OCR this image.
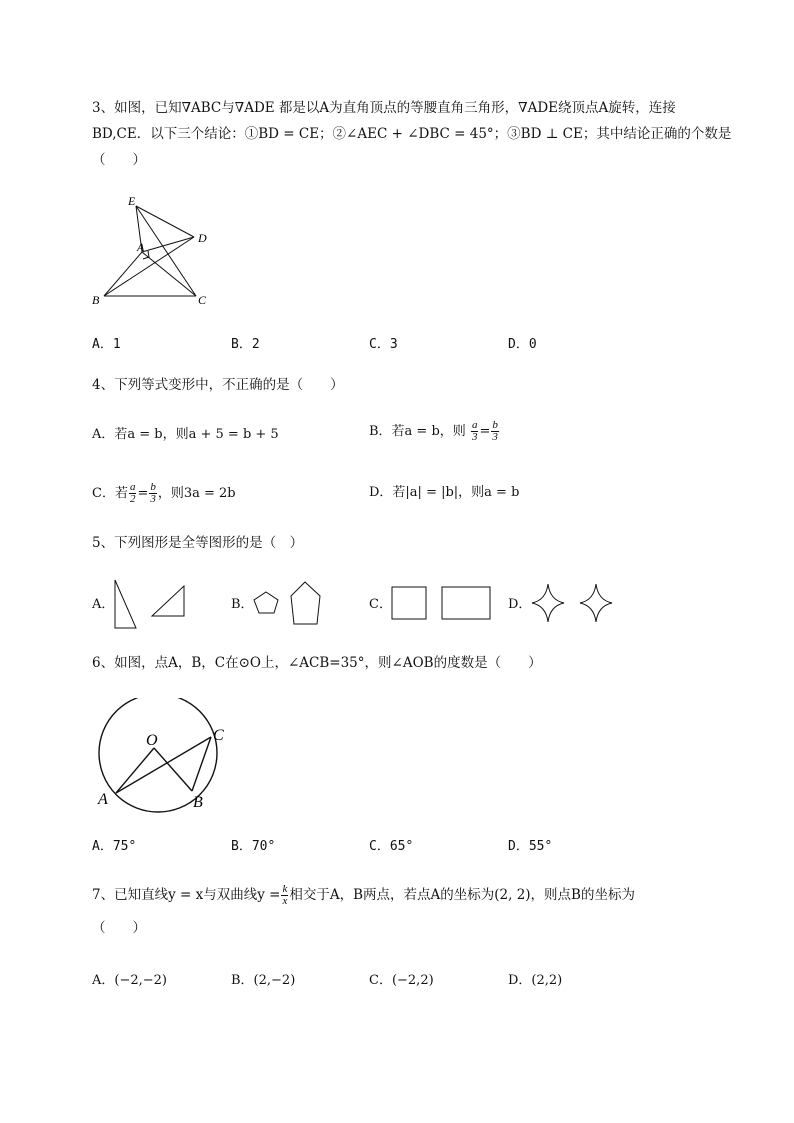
3、如图，已知∇ABC与∇ADE 都是以A为直角顶点的等腰直角三角形，∇ADE绕顶点A旋转，连接
BD,CE．以下三个结论：①BD = CE；②∠AEC + ∠DBC = 45°；③BD ⊥ CE；其中结论正确的个数是
（　　）
E
A
D
B	C
A．1	B．2	C．3	D．0
4、下列等式变形中，不正确的是（　　）
A．若a = b，则a + 5 = b + 5	B．若a = b，则 $\frac{a}{3} = \frac{b}{3}$
C．若 $\frac{a}{2} = \frac{b}{3}$ ，则3a = 2b	D．若|a| = |b|，则a = b
5、下列图形是全等图形的是（　）
A．	B．	C．	D．
6、如图，点A，B，C在⊙O上，∠ACB=35°，则∠AOB的度数是（　　）
O
A	B
C
A．75°	B．70°	C．65°	D．55°
7、已知直线y = x与双曲线$y = \frac{k}{x}$ 相交于A，B两点，若点A的坐标为(2, 2)，则点B的坐标为
（　　）
A．(−2,−2)	B．(2,−2)	C．(−2,2)	D．(2,2)
